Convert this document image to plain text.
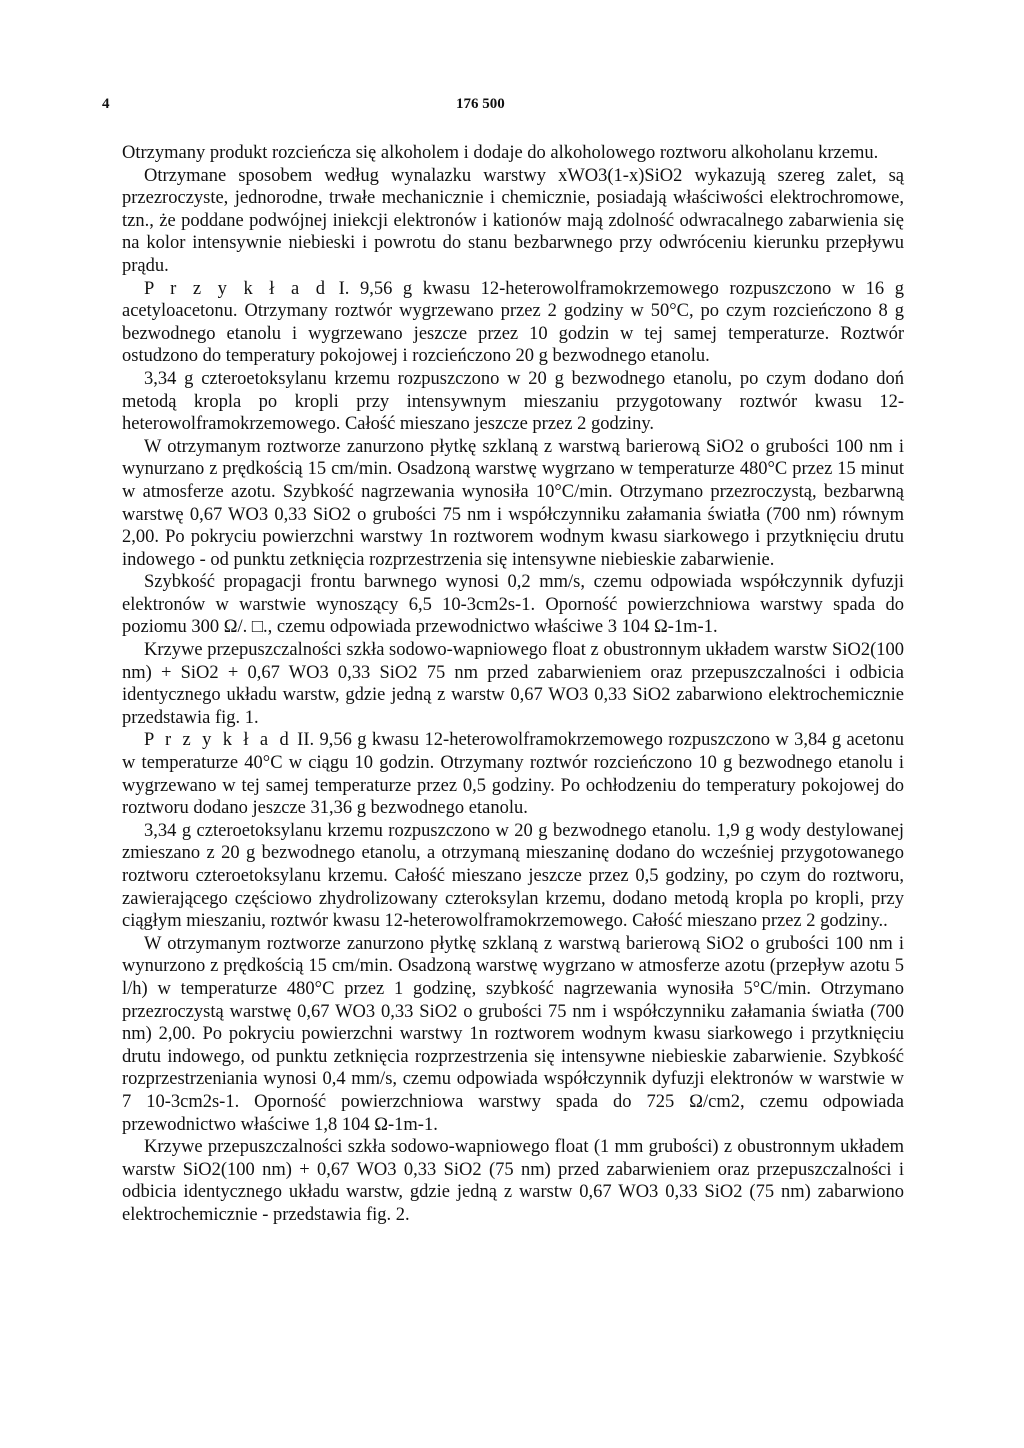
4	176 500

Otrzymany produkt rozcieńcza się alkoholem i dodaje do alkoholowego roztworu alkoholanu krzemu.

Otrzymane sposobem według wynalazku warstwy xWO3(1-x)SiO2 wykazują szereg zalet, są przezroczyste, jednorodne, trwałe mechanicznie i chemicznie, posiadają właściwości elektrochromowe, tzn., że poddane podwójnej iniekcji elektronów i kationów mają zdolność odwracalnego zabarwienia się na kolor intensywnie niebieski i powrotu do stanu bezbarwnego przy odwróceniu kierunku przepływu prądu.

P r z y k ł a d I. 9,56 g kwasu 12-heterowolframokrzemowego rozpuszczono w 16 g acetyloacetonu. Otrzymany roztwór wygrzewano przez 2 godziny w 50°C, po czym rozcieńczono 8 g bezwodnego etanolu i wygrzewano jeszcze przez 10 godzin w tej samej temperaturze. Roztwór ostudzono do temperatury pokojowej i rozcieńczono 20 g bezwodnego etanolu.

3,34 g czteroetoksylanu krzemu rozpuszczono w 20 g bezwodnego etanolu, po czym dodano doń metodą kropla po kropli przy intensywnym mieszaniu przygotowany roztwór kwasu 12-heterowolframokrzemowego. Całość mieszano jeszcze przez 2 godziny.

W otrzymanym roztworze zanurzono płytkę szklaną z warstwą barierową SiO2 o grubości 100 nm i wynurzano z prędkością 15 cm/min. Osadzoną warstwę wygrzano w temperaturze 480°C przez 15 minut w atmosferze azotu. Szybkość nagrzewania wynosiła 10°C/min. Otrzymano przezroczystą, bezbarwną warstwę 0,67 WO3 0,33 SiO2 o grubości 75 nm i współczynniku załamania światła (700 nm) równym 2,00. Po pokryciu powierzchni warstwy 1n roztworem wodnym kwasu siarkowego i przytknięciu drutu indowego - od punktu zetknięcia rozprzestrzenia się intensywne niebieskie zabarwienie.

Szybkość propagacji frontu barwnego wynosi 0,2 mm/s, czemu odpowiada współczynnik dyfuzji elektronów w warstwie wynoszący 6,5 10-3cm2s-1. Oporność powierzchniowa warstwy spada do poziomu 300 Ω/. □., czemu odpowiada przewodnictwo właściwe 3 104 Ω-1m-1.

Krzywe przepuszczalności szkła sodowo-wapniowego float z obustronnym układem warstw SiO2(100 nm) + SiO2 + 0,67 WO3 0,33 SiO2 75 nm przed zabarwieniem oraz przepuszczalności i odbicia identycznego układu warstw, gdzie jedną z warstw 0,67 WO3 0,33 SiO2 zabarwiono elektrochemicznie przedstawia fig. 1.

P r z y k ł a d II. 9,56 g kwasu 12-heterowolframokrzemowego rozpuszczono w 3,84 g acetonu w temperaturze 40°C w ciągu 10 godzin. Otrzymany roztwór rozcieńczono 10 g bezwodnego etanolu i wygrzewano w tej samej temperaturze przez 0,5 godziny. Po ochłodzeniu do temperatury pokojowej do roztworu dodano jeszcze 31,36 g bezwodnego etanolu.

3,34 g czteroetoksylanu krzemu rozpuszczono w 20 g bezwodnego etanolu. 1,9 g wody destylowanej zmieszano z 20 g bezwodnego etanolu, a otrzymaną mieszaninę dodano do wcześniej przygotowanego roztworu czteroetoksylanu krzemu. Całość mieszano jeszcze przez 0,5 godziny, po czym do roztworu, zawierającego częściowo zhydrolizowany czteroksylan krzemu, dodano metodą kropla po kropli, przy ciągłym mieszaniu, roztwór kwasu 12-heterowolframokrzemowego. Całość mieszano przez 2 godziny..

W otrzymanym roztworze zanurzono płytkę szklaną z warstwą barierową SiO2 o grubości 100 nm i wynurzono z prędkością 15 cm/min. Osadzoną warstwę wygrzano w atmosferze azotu (przepływ azotu 5 l/h) w temperaturze 480°C przez 1 godzinę, szybkość nagrzewania wynosiła 5°C/min. Otrzymano przezroczystą warstwę 0,67 WO3 0,33 SiO2 o grubości 75 nm i współczynniku załamania światła (700 nm) 2,00. Po pokryciu powierzchni warstwy 1n roztworem wodnym kwasu siarkowego i przytknięciu drutu indowego, od punktu zetknięcia rozprzestrzenia się intensywne niebieskie zabarwienie. Szybkość rozprzestrzeniania wynosi 0,4 mm/s, czemu odpowiada współczynnik dyfuzji elektronów w warstwie w 7 10-3cm2s-1. Oporność powierzchniowa warstwy spada do 725 Ω/cm2, czemu odpowiada przewodnictwo właściwe 1,8 104 Ω-1m-1.

Krzywe przepuszczalności szkła sodowo-wapniowego float (1 mm grubości) z obustronnym układem warstw SiO2(100 nm) + 0,67 WO3 0,33 SiO2 (75 nm) przed zabarwieniem oraz przepuszczalności i odbicia identycznego układu warstw, gdzie jedną z warstw 0,67 WO3 0,33 SiO2 (75 nm) zabarwiono elektrochemicznie - przedstawia fig. 2.
